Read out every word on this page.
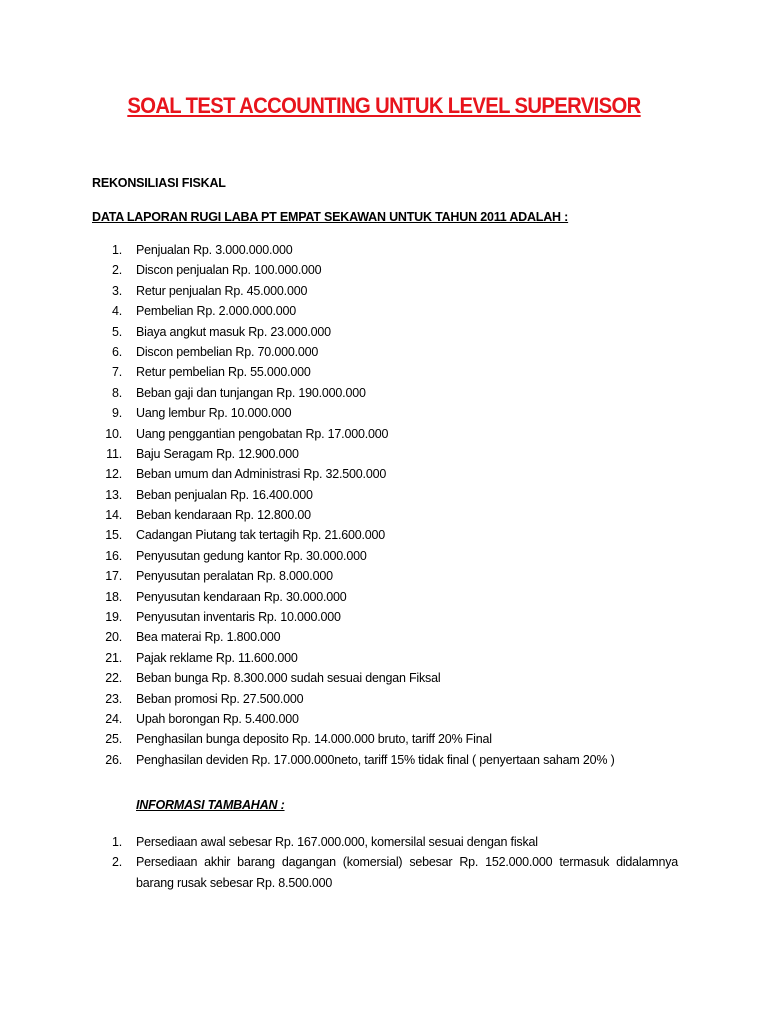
SOAL TEST ACCOUNTING UNTUK LEVEL SUPERVISOR
REKONSILIASI FISKAL
DATA LAPORAN RUGI LABA PT EMPAT SEKAWAN UNTUK TAHUN 2011 ADALAH :
1. Penjualan Rp. 3.000.000.000
2. Discon penjualan Rp. 100.000.000
3. Retur penjualan Rp. 45.000.000
4. Pembelian Rp. 2.000.000.000
5. Biaya angkut masuk Rp. 23.000.000
6. Discon pembelian Rp. 70.000.000
7. Retur pembelian Rp. 55.000.000
8. Beban gaji dan tunjangan Rp. 190.000.000
9. Uang lembur Rp. 10.000.000
10. Uang penggantian pengobatan Rp. 17.000.000
11. Baju Seragam Rp. 12.900.000
12. Beban umum dan Administrasi Rp. 32.500.000
13. Beban penjualan Rp. 16.400.000
14. Beban kendaraan Rp. 12.800.00
15. Cadangan Piutang tak tertagih Rp. 21.600.000
16. Penyusutan gedung kantor Rp. 30.000.000
17. Penyusutan peralatan Rp. 8.000.000
18. Penyusutan kendaraan Rp. 30.000.000
19. Penyusutan inventaris Rp. 10.000.000
20. Bea materai Rp. 1.800.000
21. Pajak reklame Rp. 11.600.000
22. Beban bunga Rp. 8.300.000 sudah sesuai dengan Fiksal
23. Beban promosi Rp. 27.500.000
24. Upah borongan Rp. 5.400.000
25. Penghasilan bunga deposito Rp. 14.000.000 bruto, tariff 20% Final
26. Penghasilan deviden Rp. 17.000.000neto, tariff 15% tidak final ( penyertaan saham 20% )
INFORMASI TAMBAHAN :
1. Persediaan awal sebesar Rp. 167.000.000, komersilal sesuai dengan fiskal
2. Persediaan akhir barang dagangan (komersial) sebesar Rp. 152.000.000 termasuk didalamnya barang rusak sebesar Rp. 8.500.000
